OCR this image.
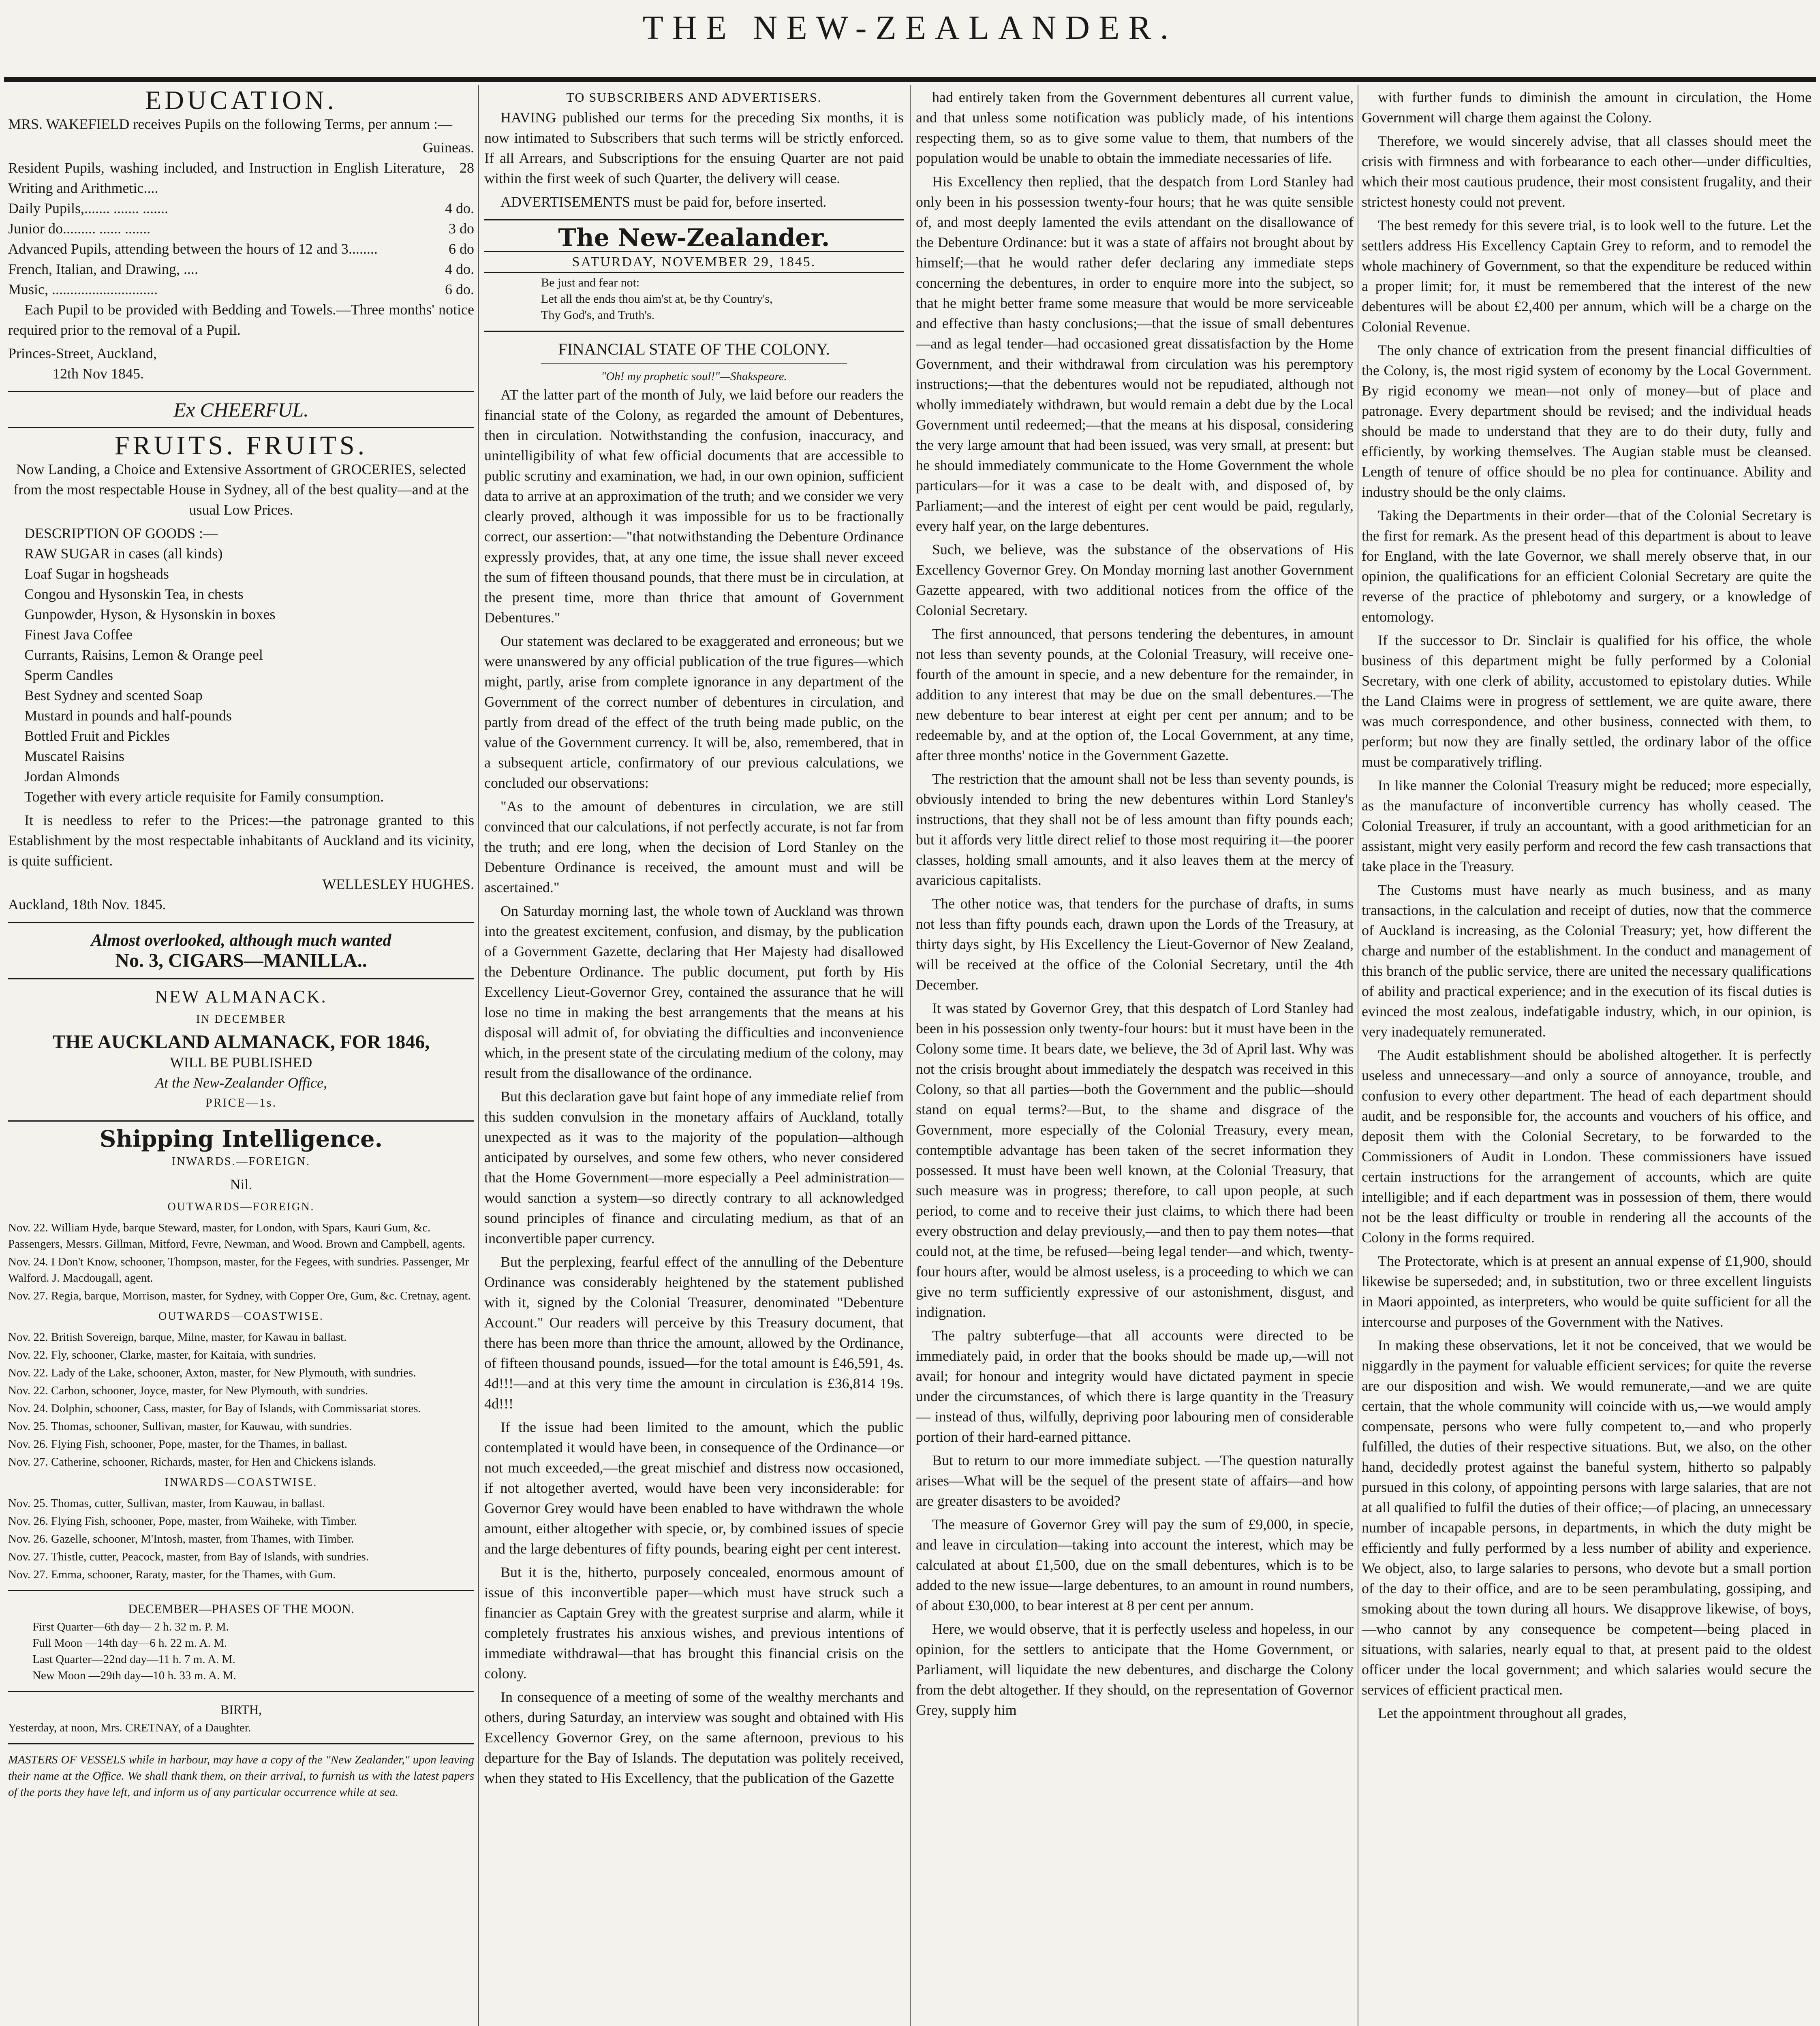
THE NEW-ZEALANDER.
EDUCATION.

MRS. WAKEFIELD receives Pupils on the following Terms, per annum :—

Guineas.
Resident Pupils, washing included, and Instruction in English Literature, Writing and Arithmetic....	28
Daily Pupils,....... ....... .......	4 do.
Junior do......... ...... .......	3 do
Advanced Pupils, attending between the hours of 12 and 3........	6 do
French, Italian, and Drawing, ....	4 do.
Music, .............................	6 do.

Each Pupil to be provided with Bedding and Towels.—Three months' notice required prior to the removal of a Pupil.

Princes-Street, Auckland,
12th Nov 1845.
Ex CHEERFUL.
FRUITS. FRUITS.

Now Landing, a Choice and Extensive Assortment of GROCERIES, selected from the most respectable House in Sydney, all of the best quality—and at the usual Low Prices.

DESCRIPTION OF GOODS :—
RAW SUGAR in cases (all kinds)
Loaf Sugar in hogsheads
Congou and Hysonskin Tea, in chests
Gunpowder, Hyson, & Hysonskin in boxes
Finest Java Coffee
Currants, Raisins, Lemon & Orange peel
Sperm Candles
Best Sydney and scented Soap
Mustard in pounds and half-pounds
Bottled Fruit and Pickles
Muscatel Raisins
Jordan Almonds

Together with every article requisite for Family consumption.

It is needless to refer to the Prices:—the patronage granted to this Establishment by the most respectable inhabitants of Auckland and its vicinity, is quite sufficient.

WELLESLEY HUGHES.
Auckland, 18th Nov. 1845.
Almost overlooked, although much wanted
No. 3, CIGARS—MANILLA..
NEW ALMANACK.
IN DECEMBER
THE AUCKLAND ALMANACK, FOR 1846,
WILL BE PUBLISHED
At the New-Zealander Office,
PRICE—1s.
Shipping Intelligence.
INWARDS.—FOREIGN.
Nil.
OUTWARDS—FOREIGN.
Nov. 22. William Hyde, barque Steward, master, for London, with Spars, Kauri Gum, &c. Passengers, Messrs. Gillman, Mitford, Fevre, Newman, and Wood. Brown and Campbell, agents.
Nov. 24. I Don't Know, schooner, Thompson, master, for the Fegees, with sundries. Passenger, Mr Walford. J. Macdougall, agent.
Nov. 27. Regia, barque, Morrison, master, for Sydney, with Copper Ore, Gum, &c. Cretnay, agent.
OUTWARDS—COASTWISE.
Nov. 22. British Sovereign, barque, Milne, master, for Kawau in ballast.
Nov. 22. Fly, schooner, Clarke, master, for Kaitaia, with sundries.
Nov. 22. Lady of the Lake, schooner, Axton, master, for New Plymouth, with sundries.
Nov. 22. Carbon, schooner, Joyce, master, for New Plymouth, with sundries.
Nov. 24. Dolphin, schooner, Cass, master, for Bay of Islands, with Commissariat stores.
Nov. 25. Thomas, schooner, Sullivan, master, for Kauwau, with sundries.
Nov. 26. Flying Fish, schooner, Pope, master, for the Thames, in ballast.
Nov. 27. Catherine, schooner, Richards, master, for Hen and Chickens islands.
INWARDS—COASTWISE.
Nov. 25. Thomas, cutter, Sullivan, master, from Kauwau, in ballast.
Nov. 26. Flying Fish, schooner, Pope, master, from Waiheke, with Timber.
Nov. 26. Gazelle, schooner, M'Intosh, master, from Thames, with Timber.
Nov. 27. Thistle, cutter, Peacock, master, from Bay of Islands, with sundries.
Nov. 27. Emma, schooner, Raraty, master, for the Thames, with Gum.
DECEMBER—PHASES OF THE MOON.
First Quarter—6th day— 2 h. 32 m. P. M.
Full Moon —14th day—6 h. 22 m. A. M.
Last Quarter—22nd day—11 h. 7 m. A. M.
New Moon —29th day—10 h. 33 m. A. M.
BIRTH,
Yesterday, at noon, Mrs. CRETNAY, of a Daughter.
MASTERS OF VESSELS while in harbour, may have a copy of the "New Zealander," upon leaving their name at the Office. We shall thank them, on their arrival, to furnish us with the latest papers of the ports they have left, and inform us of any particular occurrence while at sea.
TO SUBSCRIBERS AND ADVERTISERS.

HAVING published our terms for the preceding Six months, it is now intimated to Subscribers that such terms will be strictly enforced. If all Arrears, and Subscriptions for the ensuing Quarter are not paid within the first week of such Quarter, the delivery will cease.

ADVERTISEMENTS must be paid for, before inserted.

The New-Zealander.
SATURDAY, NOVEMBER 29, 1845.
Be just and fear not:
Let all the ends thou aim'st at, be thy Country's,
Thy God's, and Truth's.
FINANCIAL STATE OF THE COLONY.
"Oh! my prophetic soul!"—Shakspeare.

AT the latter part of the month of July, we laid before our readers the financial state of the Colony, as regarded the amount of Debentures, then in circulation. Notwithstanding the confusion, inaccuracy, and unintelligibility of what few official documents that are accessible to public scrutiny and examination, we had, in our own opinion, sufficient data to arrive at an approximation of the truth; and we consider we very clearly proved, although it was impossible for us to be fractionally correct, our assertion:—"that notwithstanding the Debenture Ordinance expressly provides, that, at any one time, the issue shall never exceed the sum of fifteen thousand pounds, that there must be in circulation, at the present time, more than thrice that amount of Government Debentures."

Our statement was declared to be exaggerated and erroneous; but we were unanswered by any official publication of the true figures—which might, partly, arise from complete ignorance in any department of the Government of the correct number of debentures in circulation, and partly from dread of the effect of the truth being made public, on the value of the Government currency. It will be, also, remembered, that in a subsequent article, confirmatory of our previous calculations, we concluded our observations:

"As to the amount of debentures in circulation, we are still convinced that our calculations, if not perfectly accurate, is not far from the truth; and ere long, when the decision of Lord Stanley on the Debenture Ordinance is received, the amount must and will be ascertained."

On Saturday morning last, the whole town of Auckland was thrown into the greatest excitement, confusion, and dismay, by the publication of a Government Gazette, declaring that Her Majesty had disallowed the Debenture Ordinance. The public document, put forth by His Excellency Lieut-Governor Grey, contained the assurance that he will lose no time in making the best arrangements that the means at his disposal will admit of, for obviating the difficulties and inconvenience which, in the present state of the circulating medium of the colony, may result from the disallowance of the ordinance.

But this declaration gave but faint hope of any immediate relief from this sudden convulsion in the monetary affairs of Auckland, totally unexpected as it was to the majority of the population—although anticipated by ourselves, and some few others, who never considered that the Home Government—more especially a Peel administration—would sanction a system—so directly contrary to all acknowledged sound principles of finance and circulating medium, as that of an inconvertible paper currency.

But the perplexing, fearful effect of the annulling of the Debenture Ordinance was considerably heightened by the statement published with it, signed by the Colonial Treasurer, denominated "Debenture Account." Our readers will perceive by this Treasury document, that there has been more than thrice the amount, allowed by the Ordinance, of fifteen thousand pounds, issued—for the total amount is £46,591, 4s. 4d!!!—and at this very time the amount in circulation is £36,814 19s. 4d!!!

If the issue had been limited to the amount, which the public contemplated it would have been, in consequence of the Ordinance—or not much exceeded,—the great mischief and distress now occasioned, if not altogether averted, would have been very inconsiderable: for Governor Grey would have been enabled to have withdrawn the whole amount, either altogether with specie, or, by combined issues of specie and the large debentures of fifty pounds, bearing eight per cent interest.

But it is the, hitherto, purposely concealed, enormous amount of issue of this inconvertible paper—which must have struck such a financier as Captain Grey with the greatest surprise and alarm, while it completely frustrates his anxious wishes, and previous intentions of immediate withdrawal—that has brought this financial crisis on the colony.

In consequence of a meeting of some of the wealthy merchants and others, during Saturday, an interview was sought and obtained with His Excellency Governor Grey, on the same afternoon, previous to his departure for the Bay of Islands. The deputation was politely received, when they stated to His Excellency, that the publication of the Gazette

had entirely taken from the Government debentures all current value, and that unless some notification was publicly made, of his intentions respecting them, so as to give some value to them, that numbers of the population would be unable to obtain the immediate necessaries of life.

His Excellency then replied, that the despatch from Lord Stanley had only been in his possession twenty-four hours; that he was quite sensible of, and most deeply lamented the evils attendant on the disallowance of the Debenture Ordinance: but it was a state of affairs not brought about by himself;—that he would rather defer declaring any immediate steps concerning the debentures, in order to enquire more into the subject, so that he might better frame some measure that would be more serviceable and effective than hasty conclusions;—that the issue of small debentures—and as legal tender—had occasioned great dissatisfaction by the Home Government, and their withdrawal from circulation was his peremptory instructions;—that the debentures would not be repudiated, although not wholly immediately withdrawn, but would remain a debt due by the Local Government until redeemed;—that the means at his disposal, considering the very large amount that had been issued, was very small, at present: but he should immediately communicate to the Home Government the whole particulars—for it was a case to be dealt with, and disposed of, by Parliament;—and the interest of eight per cent would be paid, regularly, every half year, on the large debentures.

Such, we believe, was the substance of the observations of His Excellency Governor Grey. On Monday morning last another Government Gazette appeared, with two additional notices from the office of the Colonial Secretary.

The first announced, that persons tendering the debentures, in amount not less than seventy pounds, at the Colonial Treasury, will receive one-fourth of the amount in specie, and a new debenture for the remainder, in addition to any interest that may be due on the small debentures.—The new debenture to bear interest at eight per cent per annum; and to be redeemable by, and at the option of, the Local Government, at any time, after three months' notice in the Government Gazette.

The restriction that the amount shall not be less than seventy pounds, is obviously intended to bring the new debentures within Lord Stanley's instructions, that they shall not be of less amount than fifty pounds each; but it affords very little direct relief to those most requiring it—the poorer classes, holding small amounts, and it also leaves them at the mercy of avaricious capitalists.

The other notice was, that tenders for the purchase of drafts, in sums not less than fifty pounds each, drawn upon the Lords of the Treasury, at thirty days sight, by His Excellency the Lieut-Governor of New Zealand, will be received at the office of the Colonial Secretary, until the 4th December.

It was stated by Governor Grey, that this despatch of Lord Stanley had been in his possession only twenty-four hours: but it must have been in the Colony some time. It bears date, we believe, the 3d of April last. Why was not the crisis brought about immediately the despatch was received in this Colony, so that all parties—both the Government and the public—should stand on equal terms?—But, to the shame and disgrace of the Government, more especially of the Colonial Treasury, every mean, contemptible advantage has been taken of the secret information they possessed. It must have been well known, at the Colonial Treasury, that such measure was in progress; therefore, to call upon people, at such period, to come and to receive their just claims, to which there had been every obstruction and delay previously,—and then to pay them notes—that could not, at the time, be refused—being legal tender—and which, twenty-four hours after, would be almost useless, is a proceeding to which we can give no term sufficiently expressive of our astonishment, disgust, and indignation.

The paltry subterfuge—that all accounts were directed to be immediately paid, in order that the books should be made up,—will not avail; for honour and integrity would have dictated payment in specie under the circumstances, of which there is large quantity in the Treasury — instead of thus, wilfully, depriving poor labouring men of considerable portion of their hard-earned pittance.

But to return to our more immediate subject. —The question naturally arises—What will be the sequel of the present state of affairs—and how are greater disasters to be avoided?

The measure of Governor Grey will pay the sum of £9,000, in specie, and leave in circulation—taking into account the interest, which may be calculated at about £1,500, due on the small debentures, which is to be added to the new issue—large debentures, to an amount in round numbers, of about £30,000, to bear interest at 8 per cent per annum.

Here, we would observe, that it is perfectly useless and hopeless, in our opinion, for the settlers to anticipate that the Home Government, or Parliament, will liquidate the new debentures, and discharge the Colony from the debt altogether. If they should, on the representation of Governor Grey, supply him

with further funds to diminish the amount in circulation, the Home Government will charge them against the Colony.

Therefore, we would sincerely advise, that all classes should meet the crisis with firmness and with forbearance to each other—under difficulties, which their most cautious prudence, their most consistent frugality, and their strictest honesty could not prevent.

The best remedy for this severe trial, is to look well to the future. Let the settlers address His Excellency Captain Grey to reform, and to remodel the whole machinery of Government, so that the expenditure be reduced within a proper limit; for, it must be remembered that the interest of the new debentures will be about £2,400 per annum, which will be a charge on the Colonial Revenue.

The only chance of extrication from the present financial difficulties of the Colony, is, the most rigid system of economy by the Local Government. By rigid economy we mean—not only of money—but of place and patronage. Every department should be revised; and the individual heads should be made to understand that they are to do their duty, fully and efficiently, by working themselves. The Augian stable must be cleansed. Length of tenure of office should be no plea for continuance. Ability and industry should be the only claims.

Taking the Departments in their order—that of the Colonial Secretary is the first for remark. As the present head of this department is about to leave for England, with the late Governor, we shall merely observe that, in our opinion, the qualifications for an efficient Colonial Secretary are quite the reverse of the practice of phlebotomy and surgery, or a knowledge of entomology.

If the successor to Dr. Sinclair is qualified for his office, the whole business of this department might be fully performed by a Colonial Secretary, with one clerk of ability, accustomed to epistolary duties. While the Land Claims were in progress of settlement, we are quite aware, there was much correspondence, and other business, connected with them, to perform; but now they are finally settled, the ordinary labor of the office must be comparatively trifling.

In like manner the Colonial Treasury might be reduced; more especially, as the manufacture of inconvertible currency has wholly ceased. The Colonial Treasurer, if truly an accountant, with a good arithmetician for an assistant, might very easily perform and record the few cash transactions that take place in the Treasury.

The Customs must have nearly as much business, and as many transactions, in the calculation and receipt of duties, now that the commerce of Auckland is increasing, as the Colonial Treasury; yet, how different the charge and number of the establishment. In the conduct and management of this branch of the public service, there are united the necessary qualifications of ability and practical experience; and in the execution of its fiscal duties is evinced the most zealous, indefatigable industry, which, in our opinion, is very inadequately remunerated.

The Audit establishment should be abolished altogether. It is perfectly useless and unnecessary—and only a source of annoyance, trouble, and confusion to every other department. The head of each department should audit, and be responsible for, the accounts and vouchers of his office, and deposit them with the Colonial Secretary, to be forwarded to the Commissioners of Audit in London. These commissioners have issued certain instructions for the arrangement of accounts, which are quite intelligible; and if each department was in possession of them, there would not be the least difficulty or trouble in rendering all the accounts of the Colony in the forms required.

The Protectorate, which is at present an annual expense of £1,900, should likewise be superseded; and, in substitution, two or three excellent linguists in Maori appointed, as interpreters, who would be quite sufficient for all the intercourse and purposes of the Government with the Natives.

In making these observations, let it not be conceived, that we would be niggardly in the payment for valuable efficient services; for quite the reverse are our disposition and wish. We would remunerate,—and we are quite certain, that the whole community will coincide with us,—we would amply compensate, persons who were fully competent to,—and who properly fulfilled, the duties of their respective situations. But, we also, on the other hand, decidedly protest against the baneful system, hitherto so palpably pursued in this colony, of appointing persons with large salaries, that are not at all qualified to fulfil the duties of their office;—of placing, an unnecessary number of incapable persons, in departments, in which the duty might be efficiently and fully performed by a less number of ability and experience. We object, also, to large salaries to persons, who devote but a small portion of the day to their office, and are to be seen perambulating, gossiping, and smoking about the town during all hours. We disapprove likewise, of boys,—who cannot by any consequence be competent—being placed in situations, with salaries, nearly equal to that, at present paid to the oldest officer under the local government; and which salaries would secure the services of efficient practical men.

Let the appointment throughout all grades,
